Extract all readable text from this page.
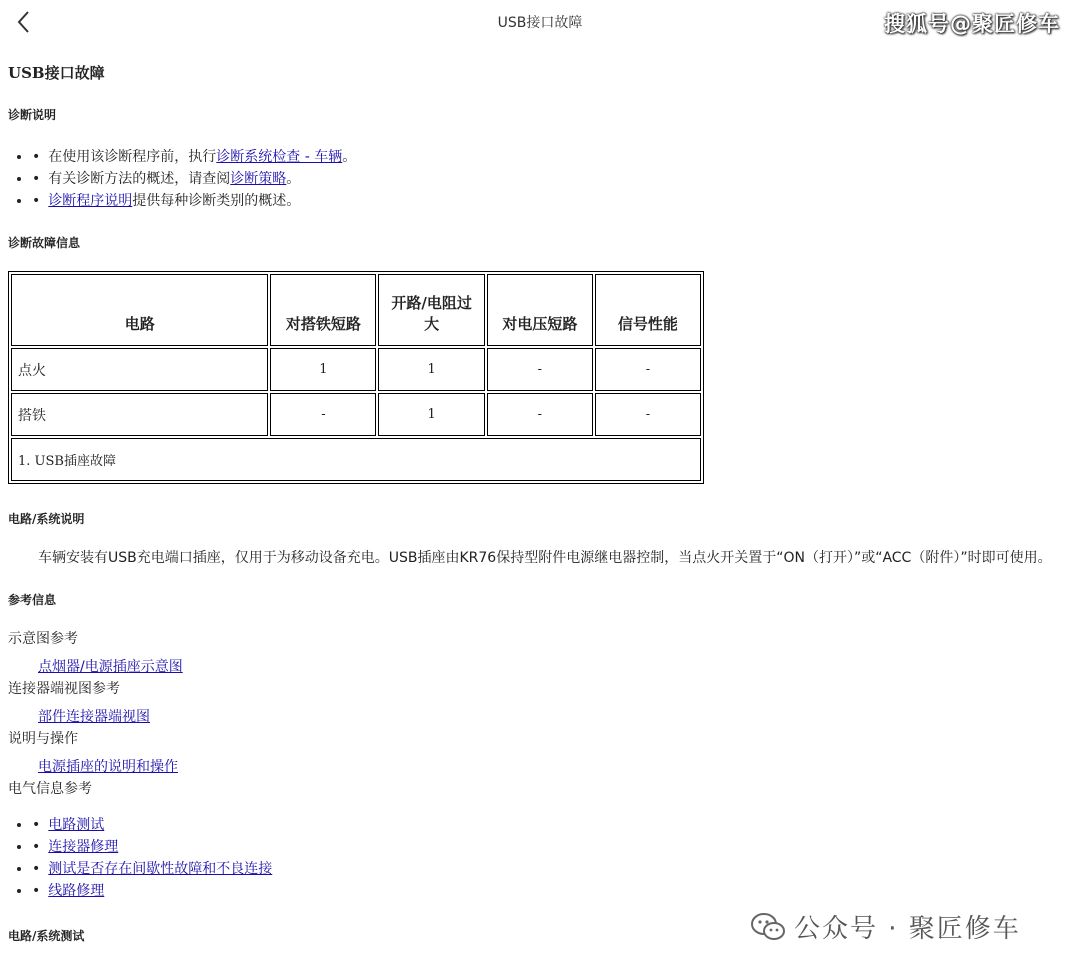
USB接口故障	搜狐号@聚匠修车
USB接口故障
诊断说明
• • 在使用该诊断程序前，执行诊断系统检查 - 车辆。
• • 有关诊断方法的概述，请查阅诊断策略。
• • 诊断程序说明提供每种诊断类别的概述。
诊断故障信息
电路	对搭铁短路	开路/电阻过大	对电压短路	信号性能
点火	1	1	-	-
搭铁	-	1	-	-
1. USB插座故障				
电路/系统说明

车辆安装有USB充电端口插座，仅用于为移动设备充电。USB插座由KR76保持型附件电源继电器控制，当点火开关置于“ON（打开）”或“ACC（附件）”时即可使用。

参考信息
示意图参考
点烟器/电源插座示意图
连接器端视图参考
部件连接器端视图
说明与操作
电源插座的说明和操作
电气信息参考
• • 电路测试
• • 连接器修理
• • 测试是否存在间歇性故障和不良连接
• • 线路修理
电路/系统测试	公众号 · 聚匠修车
